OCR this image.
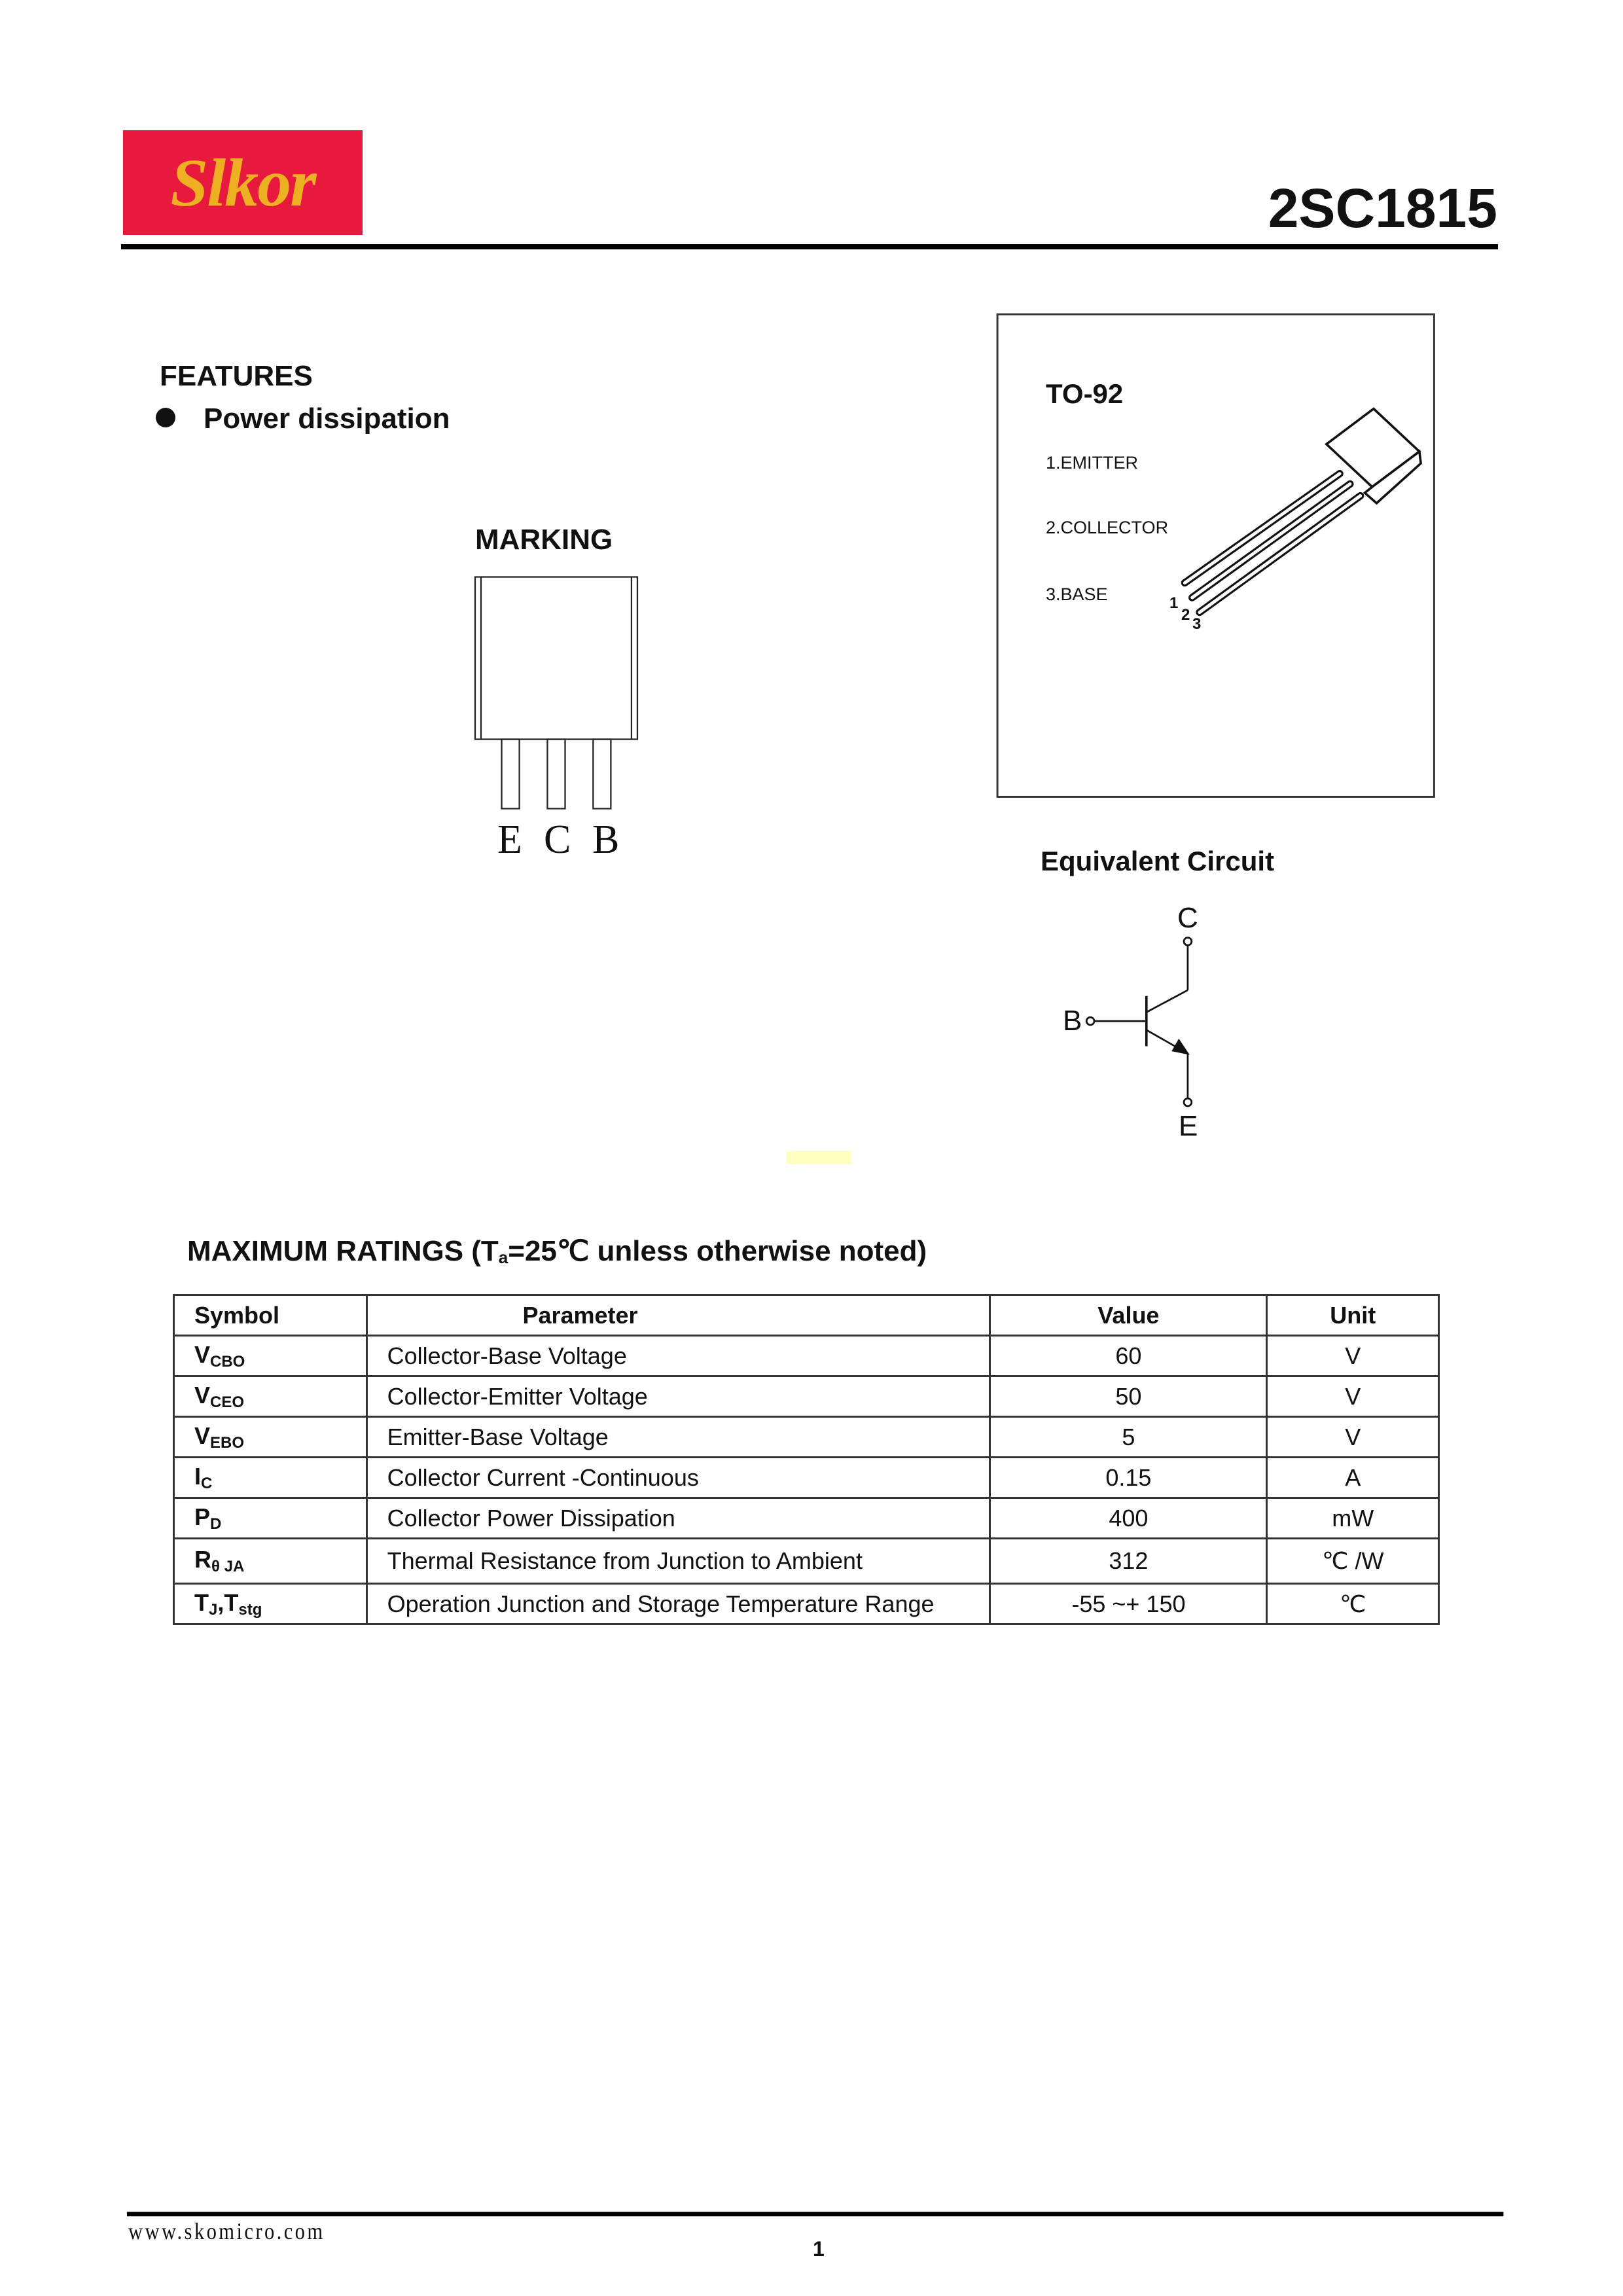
Slkor	2SC1815
FEATURES
Power dissipation
MARKING
E C B
TO-92
1.EMITTER
2.COLLECTOR
3.BASE	1
2
3
Equivalent Circuit
C
B
E
MAXIMUM RATINGS ($T_a=25℃$ unless otherwise noted)
Symbol	Parameter	Value	Unit
$V_{CBO}$	Collector-Base Voltage	60	V
$V_{CEO}$	Collector-Emitter Voltage	50	V
$V_{EBO}$	Emitter-Base Voltage	5	V
$I_C$	Collector Current -Continuous	0.15	A
$P_D$	Collector Power Dissipation	400	mW
$R_{\theta JA}$	Thermal Resistance from Junction to Ambient	312	℃ /W
$T_J,T_{stg}$	Operation Junction and Storage Temperature Range	-55 ~+ 150	℃
www.skomicro.com
1
